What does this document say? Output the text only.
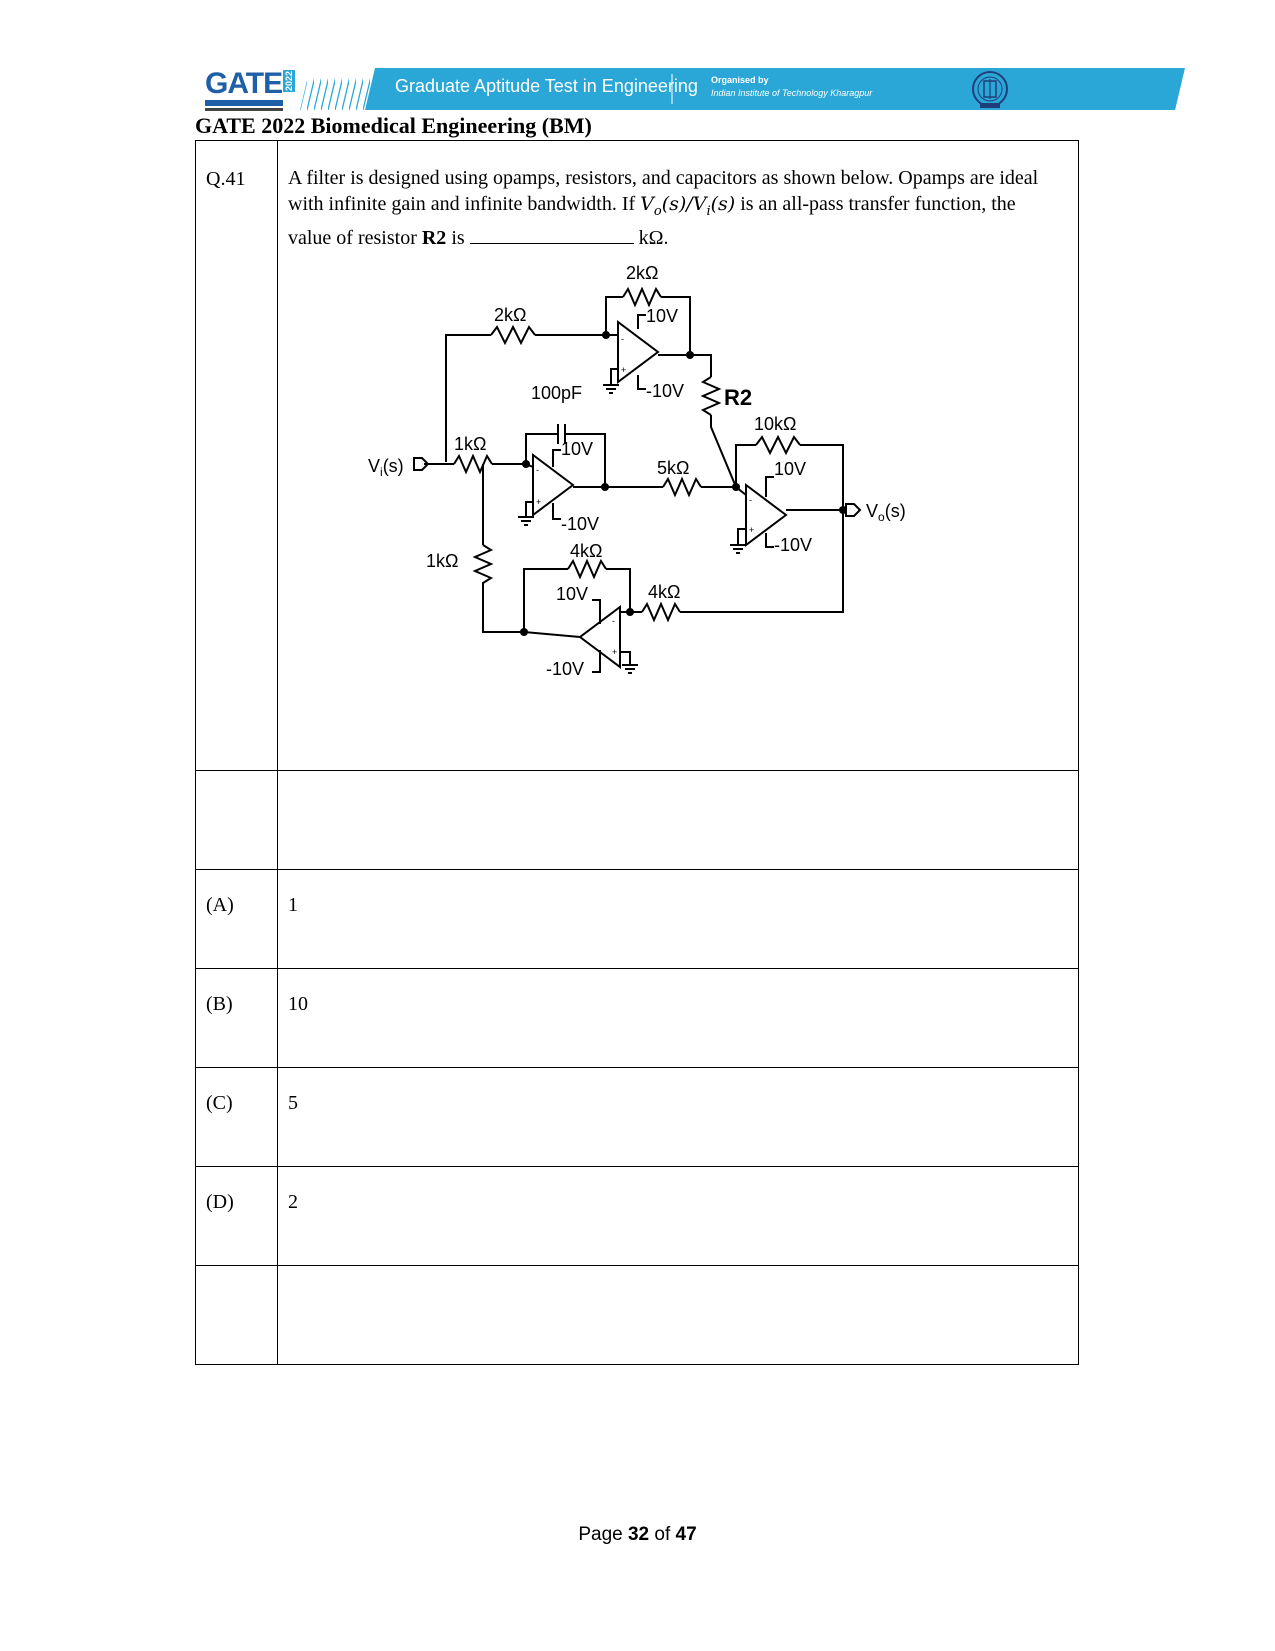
GATE 2022	Graduate Aptitude Test in Engineering Organised by
Indian Institute of Technology Kharagpur
GATE 2022 Biomedical Engineering (BM)
Q.41	A filter is designed using opamps, resistors, and capacitors as shown below. Opamps are ideal with infinite gain and infinite bandwidth. If $V_o(s)/V_i(s)$ is an all-pass transfer function, the value of resistor R2 is kΩ.

(A)	1
(B)	10
(C)	5
(D)	2

-
+
-
+	-
+
-
+
2kΩ
2kΩ	10V
-10V
100pF	R2
10kΩ
1kΩ	10V
5kΩ	10V
$V_i(s)$
$V_o(s)$
-10V
-10V
4kΩ
1kΩ
10V	4kΩ
-10V
Page 32 of 47
